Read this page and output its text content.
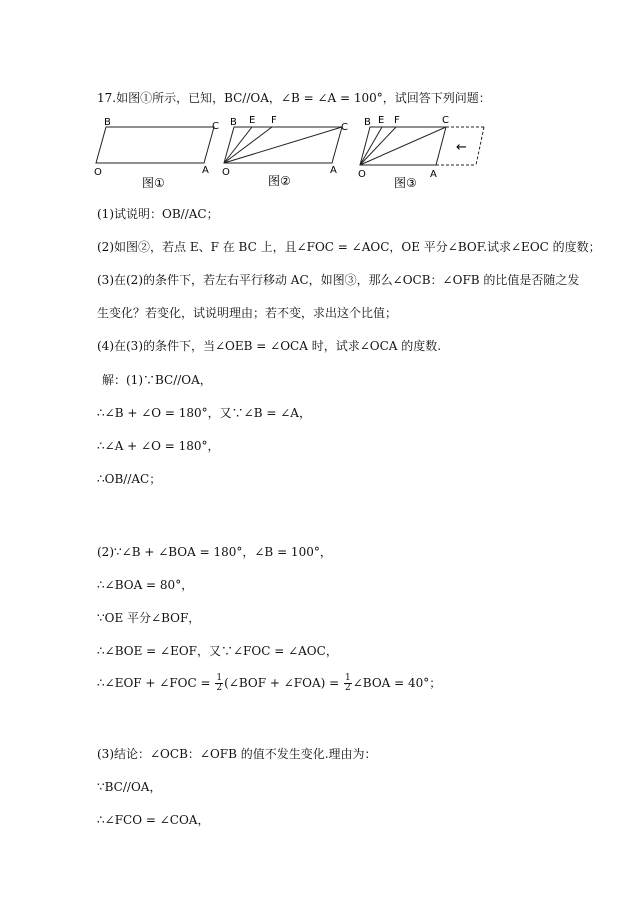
17.如图①所示，已知，BC//OA，∠B = ∠A = 100°，试回答下列问题：
B	C
O	A
图①
B E F
C
O	A
图②
←
B E F	C
O	A
图③
(1)试说明：OB//AC；
(2)如图②，若点 E、F 在 BC 上，且∠FOC = ∠AOC，OE 平分∠BOF.试求∠EOC 的度数；
(3)在(2)的条件下，若左右平行移动 AC，如图③，那么∠OCB：∠OFB 的比值是否随之发
生变化？若变化，试说明理由；若不变，求出这个比值；
(4)在(3)的条件下，当∠OEB = ∠OCA 时，试求∠OCA 的度数.
解：(1)∵BC//OA，
∴∠B + ∠O = 180°，又∵∠B = ∠A，
∴∠A + ∠O = 180°，
∴OB//AC；
(2)∵∠B + ∠BOA = 180°，∠B = 100°，
∴∠BOA = 80°，
∵OE 平分∠BOF，
∴∠BOE = ∠EOF，又∵∠FOC = ∠AOC，
∴∠EOF + ∠FOC = $\frac{1}{2}$ (∠BOF + ∠FOA) = $\frac{1}{2}$ ∠BOA = 40°；
(3)结论：∠OCB：∠OFB 的值不发生变化.理由为：
∵BC//OA，
∴∠FCO = ∠COA，
